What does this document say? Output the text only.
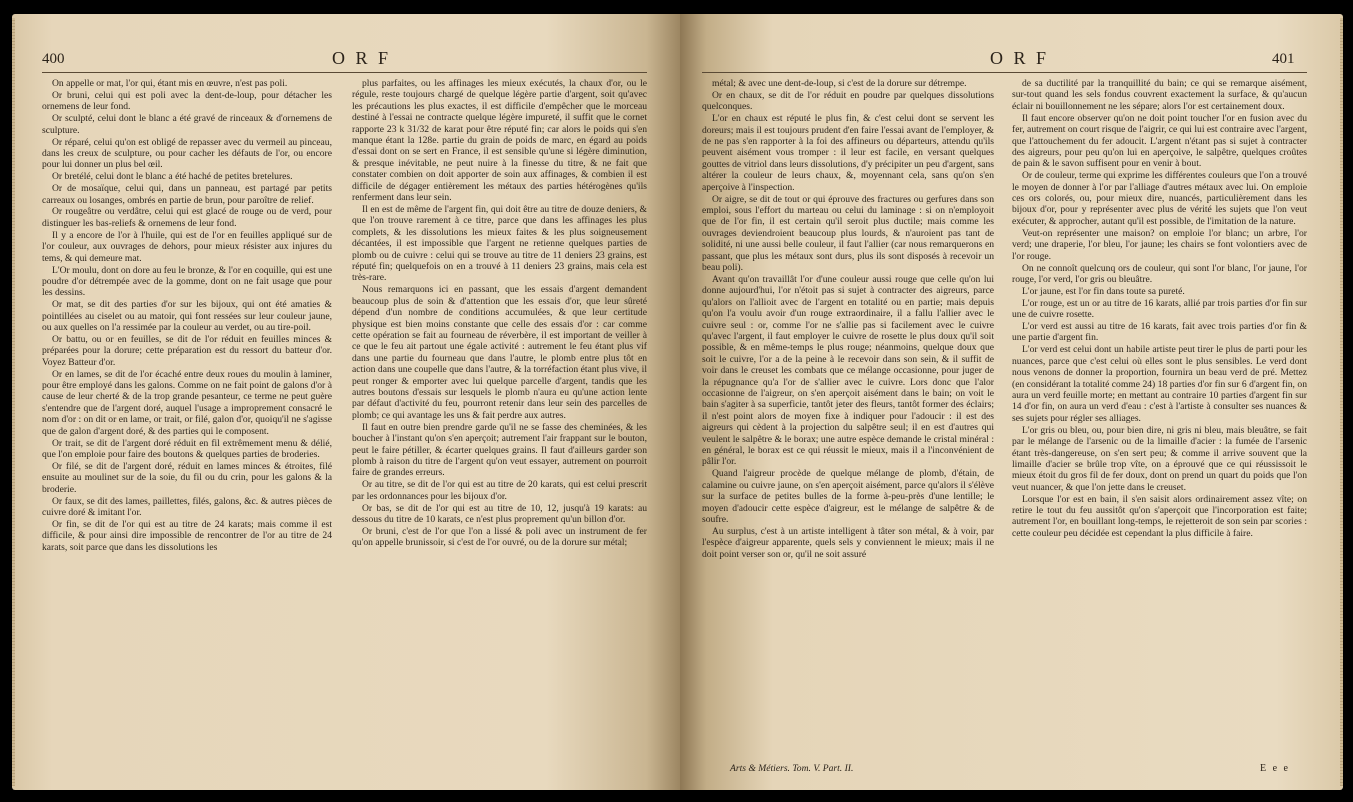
400	O R F

On appelle or mat, l'or qui, étant mis en œuvre, n'est pas poli.

Or bruni, celui qui est poli avec la dent-de-loup, pour détacher les ornemens de leur fond.

Or sculpté, celui dont le blanc a été gravé de rinceaux & d'ornemens de sculpture.

Or réparé, celui qu'on est obligé de repasser avec du vermeil au pinceau, dans les creux de sculpture, ou pour cacher les défauts de l'or, ou encore pour lui donner un plus bel œil.

Or bretélé, celui dont le blanc a été haché de petites bretelures.

Or de mosaïque, celui qui, dans un panneau, est partagé par petits carreaux ou losanges, ombrés en partie de brun, pour paroître de relief.

Or rougeâtre ou verdâtre, celui qui est glacé de rouge ou de verd, pour distinguer les bas-reliefs & ornemens de leur fond.

Il y a encore de l'or à l'huile, qui est de l'or en feuilles appliqué sur de l'or couleur, aux ouvrages de dehors, pour mieux résister aux injures du tems, & qui demeure mat.

L'Or moulu, dont on dore au feu le bronze, & l'or en coquille, qui est une poudre d'or détrempée avec de la gomme, dont on ne fait usage que pour les dessins.

Or mat, se dit des parties d'or sur les bijoux, qui ont été amaties & pointillées au ciselet ou au matoir, qui font ressées sur leur couleur jaune, ou aux quelles on l'a ressimée par la couleur au verdet, ou au tire-poil.

Or battu, ou or en feuilles, se dit de l'or réduit en feuilles minces & préparées pour la dorure; cette préparation est du ressort du batteur d'or. Voyez Batteur d'or.

Or en lames, se dit de l'or écaché entre deux roues du moulin à laminer, pour être employé dans les galons. Comme on ne fait point de galons d'or à cause de leur cherté & de la trop grande pesanteur, ce terme ne peut guère s'entendre que de l'argent doré, auquel l'usage a improprement consacré le nom d'or : on dit or en lame, or trait, or filé, galon d'or, quoiqu'il ne s'agisse que de galon d'argent doré, & des parties qui le composent.

Or trait, se dit de l'argent doré réduit en fil extrêmement menu & délié, que l'on emploie pour faire des boutons & quelques parties de broderies.

Or filé, se dit de l'argent doré, réduit en lames minces & étroites, filé ensuite au moulinet sur de la soie, du fil ou du crin, pour les galons & la broderie.

Or faux, se dit des lames, paillettes, filés, galons, &c. & autres pièces de cuivre doré & imitant l'or.

Or fin, se dit de l'or qui est au titre de 24 karats; mais comme il est difficile, & pour ainsi dire impossible de rencontrer de l'or au titre de 24 karats, soit parce que dans les dissolutions les

plus parfaites, ou les affinages les mieux exécutés, la chaux d'or, ou le régule, reste toujours chargé de quelque légère partie d'argent, soit qu'avec les précautions les plus exactes, il est difficile d'empêcher que le morceau destiné à l'essai ne contracte quelque légère impureté, il suffit que le cornet rapporte 23 k 31/32 de karat pour être réputé fin; car alors le poids qui s'en manque étant la 128e. partie du grain de poids de marc, en égard au poids d'essai dont on se sert en France, il est sensible qu'une si légère diminution, & presque inévitable, ne peut nuire à la finesse du titre, & ne fait que constater combien on doit apporter de soin aux affinages, & combien il est difficile de dégager entièrement les métaux des parties hétérogènes qu'ils renferment dans leur sein.

Il en est de même de l'argent fin, qui doit être au titre de douze deniers, & que l'on trouve rarement à ce titre, parce que dans les affinages les plus complets, & les dissolutions les mieux faites & les plus soigneusement décantées, il est impossible que l'argent ne retienne quelques parties de plomb ou de cuivre : celui qui se trouve au titre de 11 deniers 23 grains, est réputé fin; quelquefois on en a trouvé à 11 deniers 23 grains, mais cela est très-rare.

Nous remarquons ici en passant, que les essais d'argent demandent beaucoup plus de soin & d'attention que les essais d'or, que leur sûreté dépend d'un nombre de conditions accumulées, & que leur certitude physique est bien moins constante que celle des essais d'or : car comme cette opération se fait au fourneau de réverbère, il est important de veiller à ce que le feu ait partout une égale activité : autrement le feu étant plus vif dans une partie du fourneau que dans l'autre, le plomb entre plus tôt en action dans une coupelle que dans l'autre, & la torréfaction étant plus vive, il peut ronger & emporter avec lui quelque parcelle d'argent, tandis que les autres boutons d'essais sur lesquels le plomb n'aura eu qu'une action lente par défaut d'activité du feu, pourront retenir dans leur sein des parcelles de plomb; ce qui avantage les uns & fait perdre aux autres.

Il faut en outre bien prendre garde qu'il ne se fasse des cheminées, & les boucher à l'instant qu'on s'en aperçoit; autrement l'air frappant sur le bouton, peut le faire pétiller, & écarter quelques grains. Il faut d'ailleurs garder son plomb à raison du titre de l'argent qu'on veut essayer, autrement on pourroit faire de grandes erreurs.

Or au titre, se dit de l'or qui est au titre de 20 karats, qui est celui prescrit par les ordonnances pour les bijoux d'or.

Or bas, se dit de l'or qui est au titre de 10, 12, jusqu'à 19 karats: au dessous du titre de 10 karats, ce n'est plus proprement qu'un billon d'or.

Or bruni, c'est de l'or que l'on a lissé & poli avec un instrument de fer qu'on appelle brunissoir, si c'est de l'or ouvré, ou de la dorure sur métal;

O R F	401

métal; & avec une dent-de-loup, si c'est de la dorure sur détrempe.

Or en chaux, se dit de l'or réduit en poudre par quelques dissolutions quelconques.

L'or en chaux est réputé le plus fin, & c'est celui dont se servent les doreurs; mais il est toujours prudent d'en faire l'essai avant de l'employer, & de ne pas s'en rapporter à la foi des affineurs ou départeurs, attendu qu'ils peuvent aisément vous tromper : il leur est facile, en versant quelques gouttes de vitriol dans leurs dissolutions, d'y précipiter un peu d'argent, sans altérer la couleur de leurs chaux, &, moyennant cela, sans qu'on s'en aperçoive à l'inspection.

Or aigre, se dit de tout or qui éprouve des fractures ou gerfures dans son emploi, sous l'effort du marteau ou celui du laminage : si on n'employoit que de l'or fin, il est certain qu'il seroit plus ductile; mais comme les ouvrages deviendroient beaucoup plus lourds, & n'auroient pas tant de solidité, ni une aussi belle couleur, il faut l'allier (car nous remarquerons en passant, que plus les métaux sont durs, plus ils sont disposés à recevoir un beau poli).

Avant qu'on travaillât l'or d'une couleur aussi rouge que celle qu'on lui donne aujourd'hui, l'or n'étoit pas si sujet à contracter des aigreurs, parce qu'alors on l'allioit avec de l'argent en totalité ou en partie; mais depuis qu'on l'a voulu avoir d'un rouge extraordinaire, il a fallu l'allier avec le cuivre seul : or, comme l'or ne s'allie pas si facilement avec le cuivre qu'avec l'argent, il faut employer le cuivre de rosette le plus doux qu'il soit possible, & en même-temps le plus rouge; néanmoins, quelque doux que soit le cuivre, l'or a de la peine à le recevoir dans son sein, & il suffit de voir dans le creuset les combats que ce mélange occasionne, pour juger de la répugnance qu'a l'or de s'allier avec le cuivre. Lors donc que l'alor occasionne de l'aigreur, on s'en aperçoit aisément dans le bain; on voit le bain s'agiter à sa superficie, tantôt jeter des fleurs, tantôt former des éclairs; il n'est point alors de moyen fixe à indiquer pour l'adoucir : il est des aigreurs qui cèdent à la projection du salpêtre seul; il en est d'autres qui veulent le salpêtre & le borax; une autre espèce demande le cristal minéral : en général, le borax est ce qui réussit le mieux, mais il a l'inconvénient de pâlir l'or.

Quand l'aigreur procède de quelque mélange de plomb, d'étain, de calamine ou cuivre jaune, on s'en aperçoit aisément, parce qu'alors il s'élève sur la surface de petites bulles de la forme à-peu-près d'une lentille; le moyen d'adoucir cette espèce d'aigreur, est le mélange de salpêtre & de soufre.

Au surplus, c'est à un artiste intelligent à tâter son métal, & à voir, par l'espèce d'aigreur apparente, quels sels y conviennent le mieux; mais il ne doit point verser son or, qu'il ne soit assuré

de sa ductilité par la tranquillité du bain; ce qui se remarque aisément, sur-tout quand les sels fondus couvrent exactement la surface, & qu'aucun éclair ni bouillonnement ne les sépare; alors l'or est certainement doux.

Il faut encore observer qu'on ne doit point toucher l'or en fusion avec du fer, autrement on court risque de l'aigrir, ce qui lui est contraire avec l'argent, que l'attouchement du fer adoucit. L'argent n'étant pas si sujet à contracter des aigreurs, pour peu qu'on lui en aperçoive, le salpêtre, quelques croûtes de pain & le savon suffisent pour en venir à bout.

Or de couleur, terme qui exprime les différentes couleurs que l'on a trouvé le moyen de donner à l'or par l'alliage d'autres métaux avec lui. On emploie ces ors colorés, ou, pour mieux dire, nuancés, particulièrement dans les bijoux d'or, pour y représenter avec plus de vérité les sujets que l'on veut exécuter, & approcher, autant qu'il est possible, de l'imitation de la nature.

Veut-on représenter une maison? on emploie l'or blanc; un arbre, l'or verd; une draperie, l'or bleu, l'or jaune; les chairs se font volontiers avec de l'or rouge.

On ne connoît quelcunq ors de couleur, qui sont l'or blanc, l'or jaune, l'or rouge, l'or verd, l'or gris ou bleuâtre.

L'or jaune, est l'or fin dans toute sa pureté.

L'or rouge, est un or au titre de 16 karats, allié par trois parties d'or fin sur une de cuivre rosette.

L'or verd est aussi au titre de 16 karats, fait avec trois parties d'or fin & une partie d'argent fin.

L'or verd est celui dont un habile artiste peut tirer le plus de parti pour les nuances, parce que c'est celui où elles sont le plus sensibles. Le verd dont nous venons de donner la proportion, fournira un beau verd de pré. Mettez (en considérant la totalité comme 24) 18 parties d'or fin sur 6 d'argent fin, on aura un verd feuille morte; en mettant au contraire 10 parties d'argent fin sur 14 d'or fin, on aura un verd d'eau : c'est à l'artiste à consulter ses nuances & ses sujets pour régler ses alliages.

L'or gris ou bleu, ou, pour bien dire, ni gris ni bleu, mais bleuâtre, se fait par le mélange de l'arsenic ou de la limaille d'acier : la fumée de l'arsenic étant très-dangereuse, on s'en sert peu; & comme il arrive souvent que la limaille d'acier se brûle trop vîte, on a éprouvé que ce qui réussissoit le mieux étoit du gros fil de fer doux, dont on prend un quart du poids que l'on veut nuancer, & que l'on jette dans le creuset.

Lorsque l'or est en bain, il s'en saisit alors ordinairement assez vîte; on retire le tout du feu aussitôt qu'on s'aperçoit que l'incorporation est faite; autrement l'or, en bouillant long-temps, le rejetteroit de son sein par scories : cette couleur peu décidée est cependant la plus difficile à faire.

Arts & Métiers. Tom. V. Part. II.	E e e
